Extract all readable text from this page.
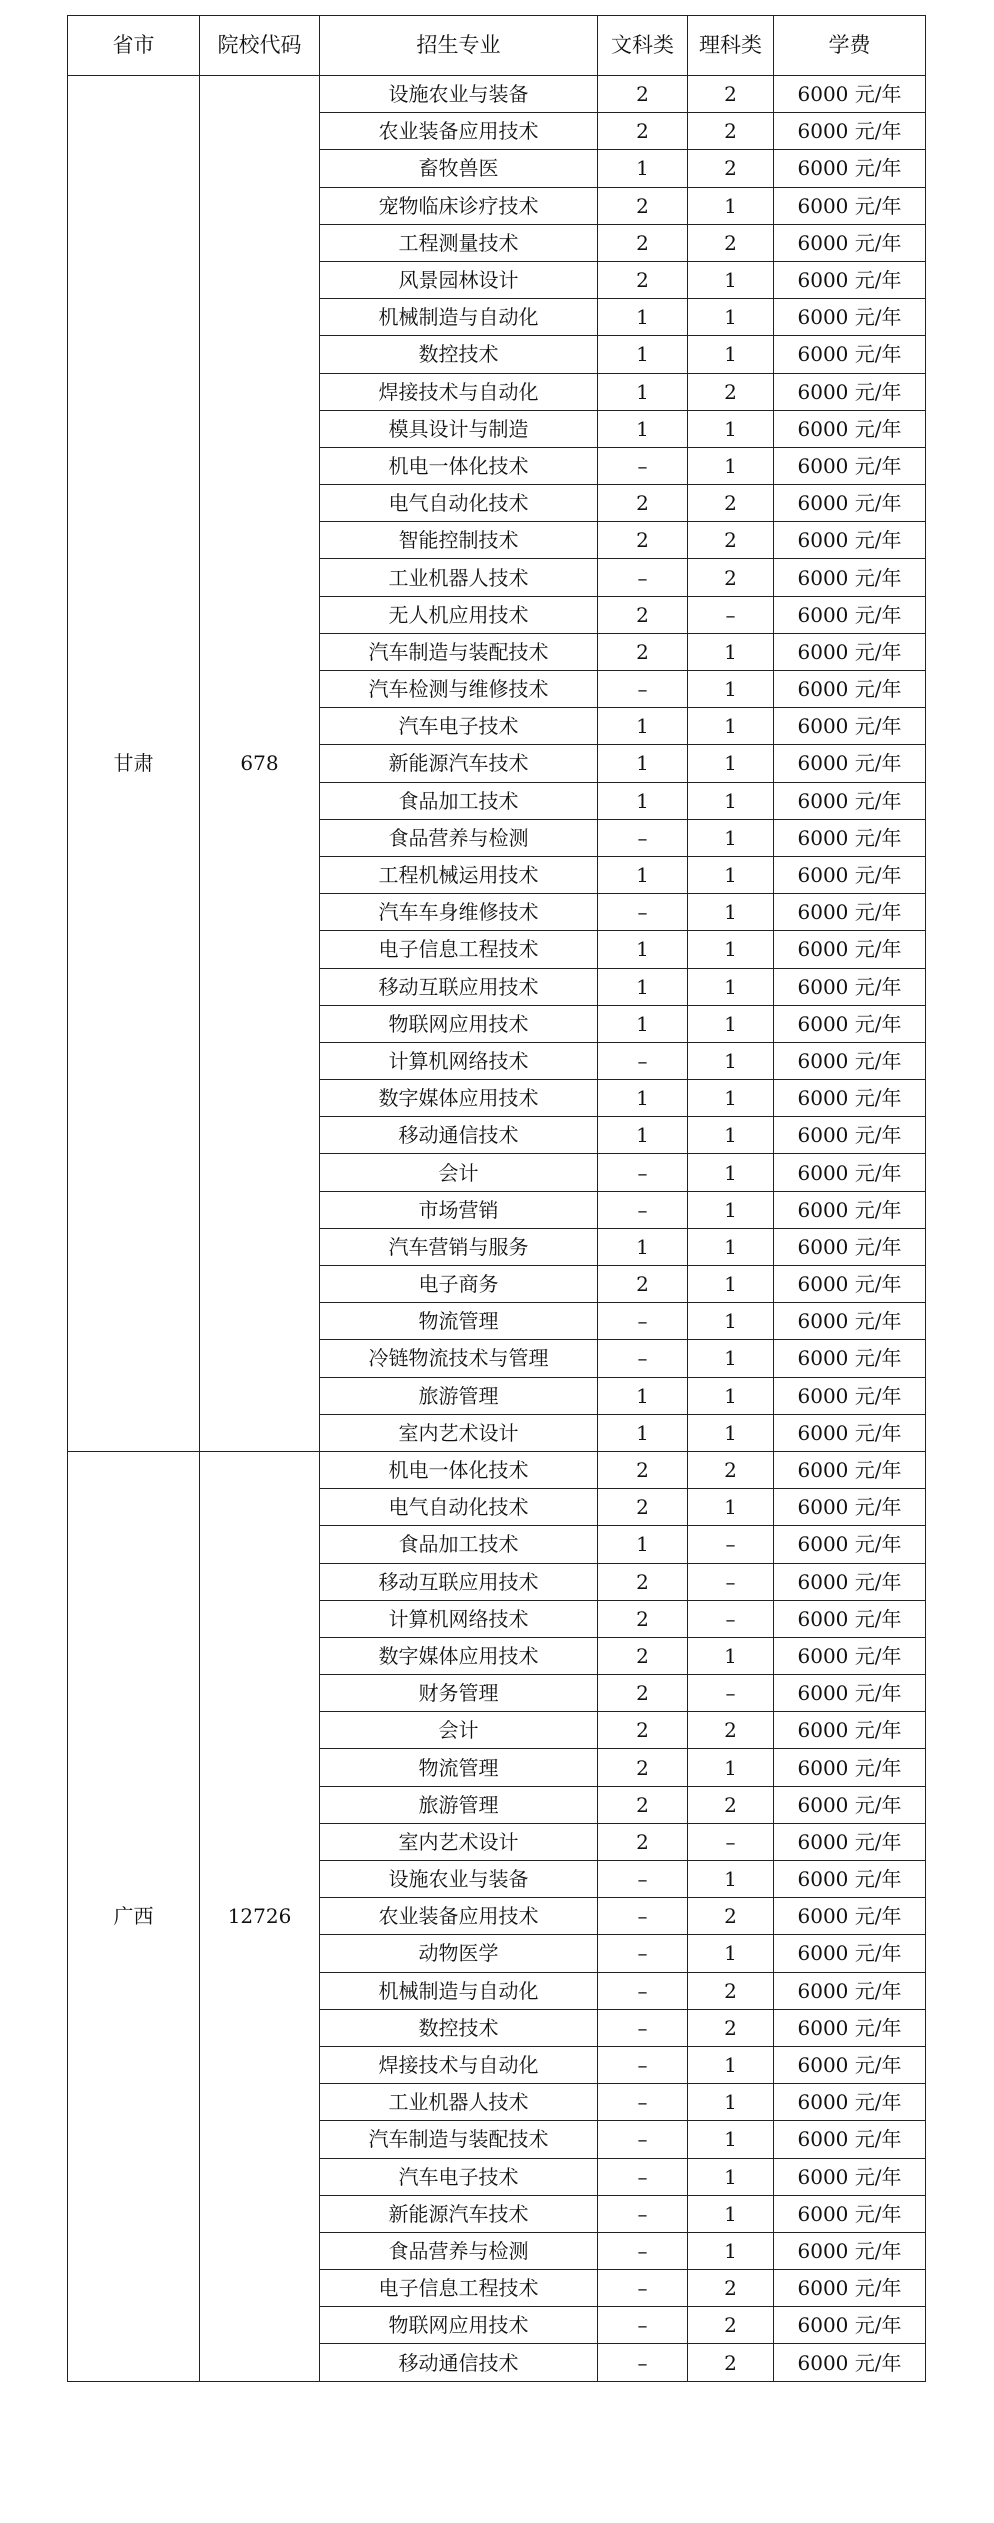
省市	院校代码	招生专业	文科类	理科类	学费
甘肃	678	设施农业与装备	2	2	6000 元/年
		农业装备应用技术	2	2	6000 元/年
		畜牧兽医	1	2	6000 元/年
		宠物临床诊疗技术	2	1	6000 元/年
		工程测量技术	2	2	6000 元/年
		风景园林设计	2	1	6000 元/年
		机械制造与自动化	1	1	6000 元/年
		数控技术	1	1	6000 元/年
		焊接技术与自动化	1	2	6000 元/年
		模具设计与制造	1	1	6000 元/年
		机电一体化技术	–	1	6000 元/年
		电气自动化技术	2	2	6000 元/年
		智能控制技术	2	2	6000 元/年
		工业机器人技术	–	2	6000 元/年
		无人机应用技术	2	–	6000 元/年
		汽车制造与装配技术	2	1	6000 元/年
		汽车检测与维修技术	–	1	6000 元/年
		汽车电子技术	1	1	6000 元/年
		新能源汽车技术	1	1	6000 元/年
		食品加工技术	1	1	6000 元/年
		食品营养与检测	–	1	6000 元/年
		工程机械运用技术	1	1	6000 元/年
		汽车车身维修技术	–	1	6000 元/年
		电子信息工程技术	1	1	6000 元/年
		移动互联应用技术	1	1	6000 元/年
		物联网应用技术	1	1	6000 元/年
		计算机网络技术	–	1	6000 元/年
		数字媒体应用技术	1	1	6000 元/年
		移动通信技术	1	1	6000 元/年
		会计	–	1	6000 元/年
		市场营销	–	1	6000 元/年
		汽车营销与服务	1	1	6000 元/年
		电子商务	2	1	6000 元/年
		物流管理	–	1	6000 元/年
		冷链物流技术与管理	–	1	6000 元/年
		旅游管理	1	1	6000 元/年
		室内艺术设计	1	1	6000 元/年
广西	12726	机电一体化技术	2	2	6000 元/年
		电气自动化技术	2	1	6000 元/年
		食品加工技术	1	–	6000 元/年
		移动互联应用技术	2	–	6000 元/年
		计算机网络技术	2	–	6000 元/年
		数字媒体应用技术	2	1	6000 元/年
		财务管理	2	–	6000 元/年
		会计	2	2	6000 元/年
		物流管理	2	1	6000 元/年
		旅游管理	2	2	6000 元/年
		室内艺术设计	2	–	6000 元/年
		设施农业与装备	–	1	6000 元/年
		农业装备应用技术	–	2	6000 元/年
		动物医学	–	1	6000 元/年
		机械制造与自动化	–	2	6000 元/年
		数控技术	–	2	6000 元/年
		焊接技术与自动化	–	1	6000 元/年
		工业机器人技术	–	1	6000 元/年
		汽车制造与装配技术	–	1	6000 元/年
		汽车电子技术	–	1	6000 元/年
		新能源汽车技术	–	1	6000 元/年
		食品营养与检测	–	1	6000 元/年
		电子信息工程技术	–	2	6000 元/年
		物联网应用技术	–	2	6000 元/年
		移动通信技术	–	2	6000 元/年
